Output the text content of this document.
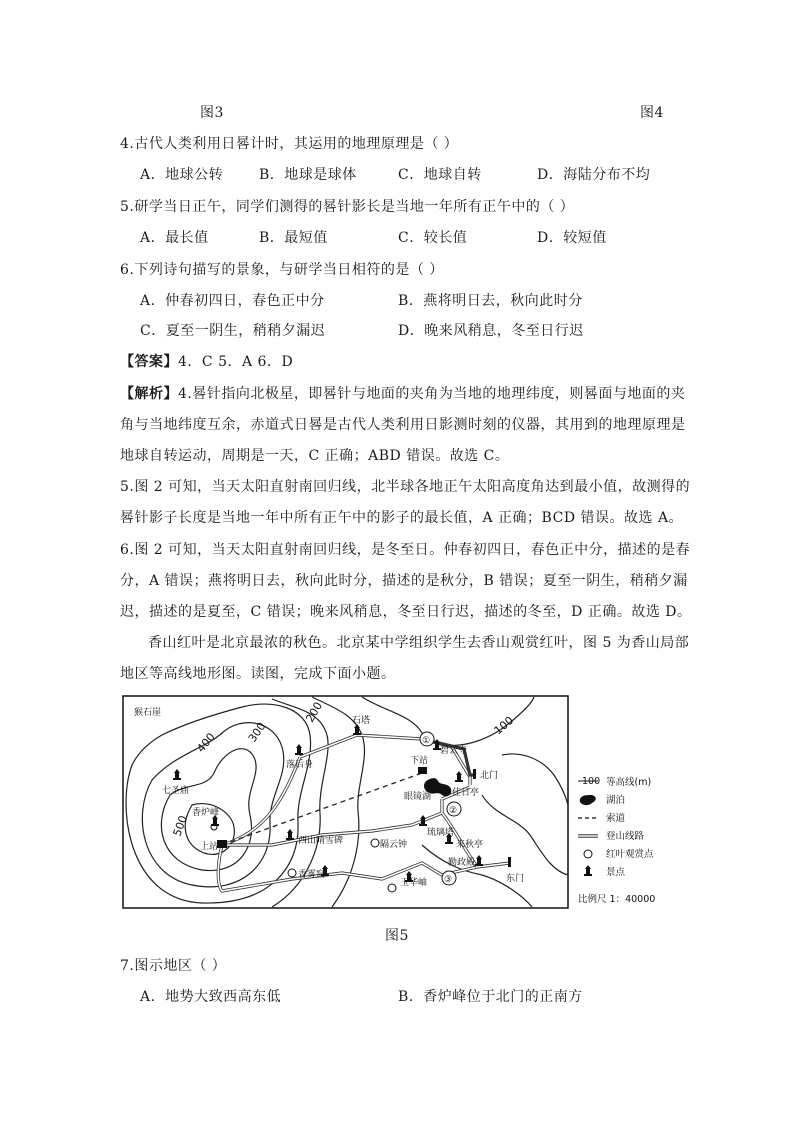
图3	图4
4.古代人类利用日晷计时，其运用的地理原理是（ ）
A．地球公转	B．地球是球体	C．地球自转	D．海陆分布不均
5.研学当日正午，同学们测得的晷针影长是当地一年所有正午中的（ ）
A．最长值	B．最短值	C．较长值	D．较短值
6.下列诗句描写的景象，与研学当日相符的是（ ）
A．仲春初四日，春色正中分	B．燕将明日去，秋向此时分
C．夏至一阴生，稍稍夕漏迟	D．晚来风稍息，冬至日行迟
【答案】4．C 5．A 6．D
【解析】4.晷针指向北极星，即晷针与地面的夹角为当地的地理纬度，则晷面与地面的夹
角与当地纬度互余，赤道式日晷是古代人类利用日影测时刻的仪器，其用到的地理原理是
地球自转运动，周期是一天，C 正确；ABD 错误。故选 C。
5.图 2 可知，当天太阳直射南回归线，北半球各地正午太阳高度角达到最小值，故测得的
晷针影子长度是当地一年中所有正午中的影子的最长值，A 正确；BCD 错误。故选 A。
6.图 2 可知，当天太阳直射南回归线，是冬至日。仲春初四日，春色正中分，描述的是春
分，A 错误；燕将明日去，秋向此时分，描述的是秋分，B 错误；夏至一阴生，稍稍夕漏
迟，描述的是夏至，C 错误；晚来风稍息，冬至日行迟，描述的冬至，D 正确。故选 D。
香山红叶是北京最浓的秋色。北京某中学组织学生去香山观赏红叶，图 5 为香山局部
地区等高线地形图。读图，完成下面小题。
200
300
400
500
100
①
②
③
猴石崖
石塔
碧云寺
下站
北门
眼镜湖 佳日亭
落后身
七圣庙
香炉峰
上站
西山晴雪碑
琉璃塔
隔云钟	来秋亭
勤政殿
香雾窟
玉华岫	东门
100 等高线(m)
湖泊
索道
登山线路
红叶观赏点
景点
比例尺 1：40000
图5
7.图示地区（ ）
A．地势大致西高东低	B．香炉峰位于北门的正南方
